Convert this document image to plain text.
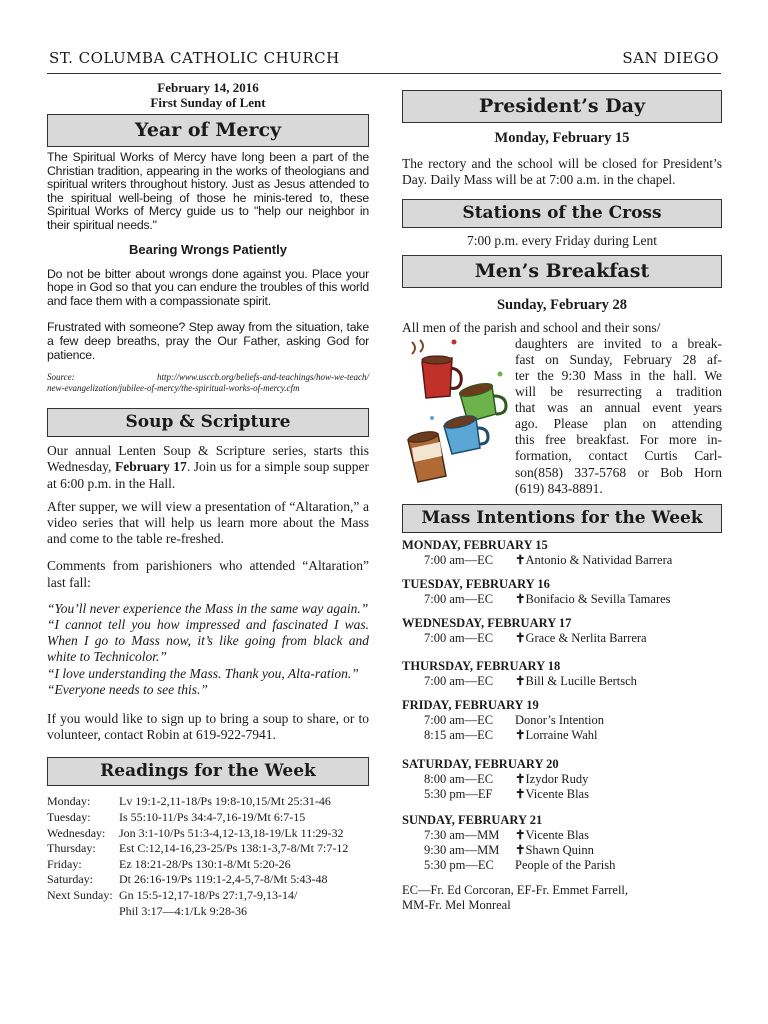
ST. COLUMBA CATHOLIC CHURCH	SAN DIEGO
February 14, 2016
First Sunday of Lent
Year of Mercy

The Spiritual Works of Mercy have long been a part of the Christian tradition, appearing in the works of theologians and spiritual writers throughout history. Just as Jesus attended to the spiritual well-being of those he minis-tered to, these Spiritual Works of Mercy guide us to "help our neighbor in their spiritual needs."

Bearing Wrongs Patiently

Do not be bitter about wrongs done against you. Place your hope in God so that you can endure the troubles of this world and face them with a compassionate spirit.

Frustrated with someone? Step away from the situation, take a few deep breaths, pray the Our Father, asking God for patience.

Source:	http://www.usccb.org/beliefs-and-teachings/how-we-teach/
new-evangelization/jubilee-of-mercy/the-spiritual-works-of-mercy.cfm
Soup & Scripture

Our annual Lenten Soup & Scripture series, starts this Wednesday, February 17. Join us for a simple soup supper at 6:00 p.m. in the Hall.

After supper, we will view a presentation of “Altaration,” a video series that will help us learn more about the Mass and come to the table re-freshed.

Comments from parishioners who attended “Altaration” last fall:

“You’ll never experience the Mass in the same way again.”

“I cannot tell you how impressed and fascinated I was. When I go to Mass now, it’s like going from black and white to Technicolor.”

“I love understanding the Mass. Thank you, Alta-ration.”

“Everyone needs to see this.”

If you would like to sign up to bring a soup to share, or to volunteer, contact Robin at 619-922-7941.

Readings for the Week
Monday:	Lv 19:1-2,11-18/Ps 19:8-10,15/Mt 25:31-46
Tuesday:	Is 55:10-11/Ps 34:4-7,16-19/Mt 6:7-15
Wednesday:	Jon 3:1-10/Ps 51:3-4,12-13,18-19/Lk 11:29-32
Thursday:	Est C:12,14-16,23-25/Ps 138:1-3,7-8/Mt 7:7-12
Friday:	Ez 18:21-28/Ps 130:1-8/Mt 5:20-26
Saturday:	Dt 26:16-19/Ps 119:1-2,4-5,7-8/Mt 5:43-48
Next Sunday: Gn 15:5-12,17-18/Ps 27:1,7-9,13-14/
Phil 3:17—4:1/Lk 9:28-36
President’s Day
Monday, February 15

The rectory and the school will be closed for President’s Day. Daily Mass will be at 7:00 a.m. in the chapel.

Stations of the Cross

7:00 p.m. every Friday during Lent

Men’s Breakfast
Sunday, February 28

All men of the parish and school and their sons/

daughters are invited to a break-
fast on Sunday, February 28 af-
ter the 9:30 Mass in the hall. We
will be resurrecting a tradition
that was an annual event years
ago. Please plan on attending
this free breakfast. For more in-
formation, contact Curtis Carl-
son(858) 337-5768 or Bob Horn
(619) 843-8891.
Mass Intentions for the Week
MONDAY, FEBRUARY 15
7:00 am—EC	✝Antonio & Natividad Barrera
TUESDAY, FEBRUARY 16
7:00 am—EC	✝Bonifacio & Sevilla Tamares
WEDNESDAY, FEBRUARY 17
7:00 am—EC	✝Grace & Nerlita Barrera
THURSDAY, FEBRUARY 18
7:00 am—EC	✝Bill & Lucille Bertsch
FRIDAY, FEBRUARY 19
7:00 am—EC	Donor’s Intention
8:15 am—EC	✝Lorraine Wahl
SATURDAY, FEBRUARY 20
8:00 am—EC	✝Izydor Rudy
5:30 pm—EF	✝Vicente Blas
SUNDAY, FEBRUARY 21
7:30 am—MM	✝Vicente Blas
9:30 am—MM	✝Shawn Quinn
5:30 pm—EC	People of the Parish
EC—Fr. Ed Corcoran, EF-Fr. Emmet Farrell,
MM-Fr. Mel Monreal
